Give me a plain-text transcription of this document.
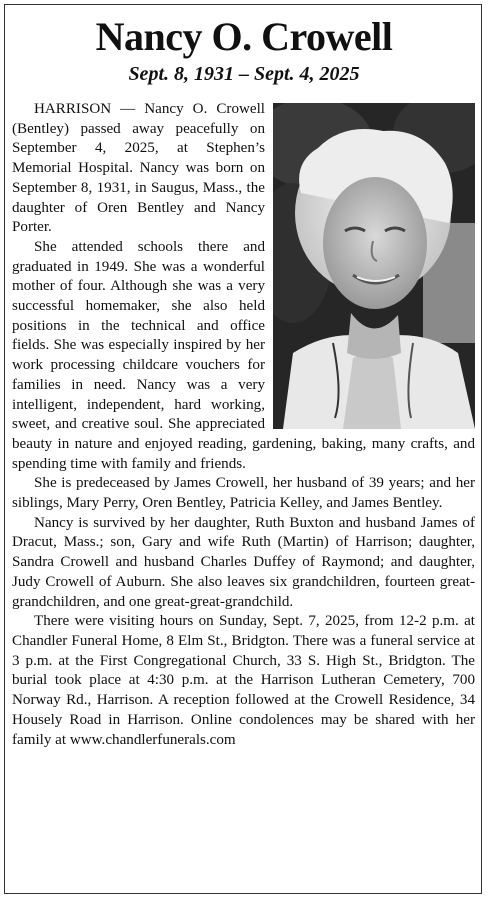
Nancy O. Crowell
Sept. 8, 1931 – Sept. 4, 2025

HARRISON — Nancy O. Crowell (Bentley) passed away peacefully on September 4, 2025, at Stephen’s Memorial Hospital. Nancy was born on September 8, 1931, in Saugus, Mass., the daughter of Oren Bentley and Nancy Porter.

She attended schools there and graduated in 1949. She was a wonderful mother of four. Although she was a very successful homemaker, she also held positions in the technical and office fields. She was especially inspired by her work processing childcare vouchers for families in need. Nancy was a very intelligent, independent, hard working, sweet, and creative soul. She appreciated beauty in nature and enjoyed reading, gardening, baking, many crafts, and spending time with family and friends.

She is predeceased by James Crowell, her husband of 39 years; and her siblings, Mary Perry, Oren Bentley, Patricia Kelley, and James Bentley.

Nancy is survived by her daughter, Ruth Buxton and husband James of Dracut, Mass.; son, Gary and wife Ruth (Martin) of Harrison; daughter, Sandra Crowell and husband Charles Duffey of Raymond; and daughter, Judy Crowell of Auburn. She also leaves six grandchildren, fourteen great-grandchildren, and one great-great-grandchild.

There were visiting hours on Sunday, Sept. 7, 2025, from 12-2 p.m. at Chandler Funeral Home, 8 Elm St., Bridgton. There was a funeral service at 3 p.m. at the First Congregational Church, 33 S. High St., Bridgton. The burial took place at 4:30 p.m. at the Harrison Lutheran Cemetery, 700 Norway Rd., Harrison. A reception followed at the Crowell Residence, 34 Housely Road in Harrison. Online condolences may be shared with her family at www.chandlerfunerals.com
